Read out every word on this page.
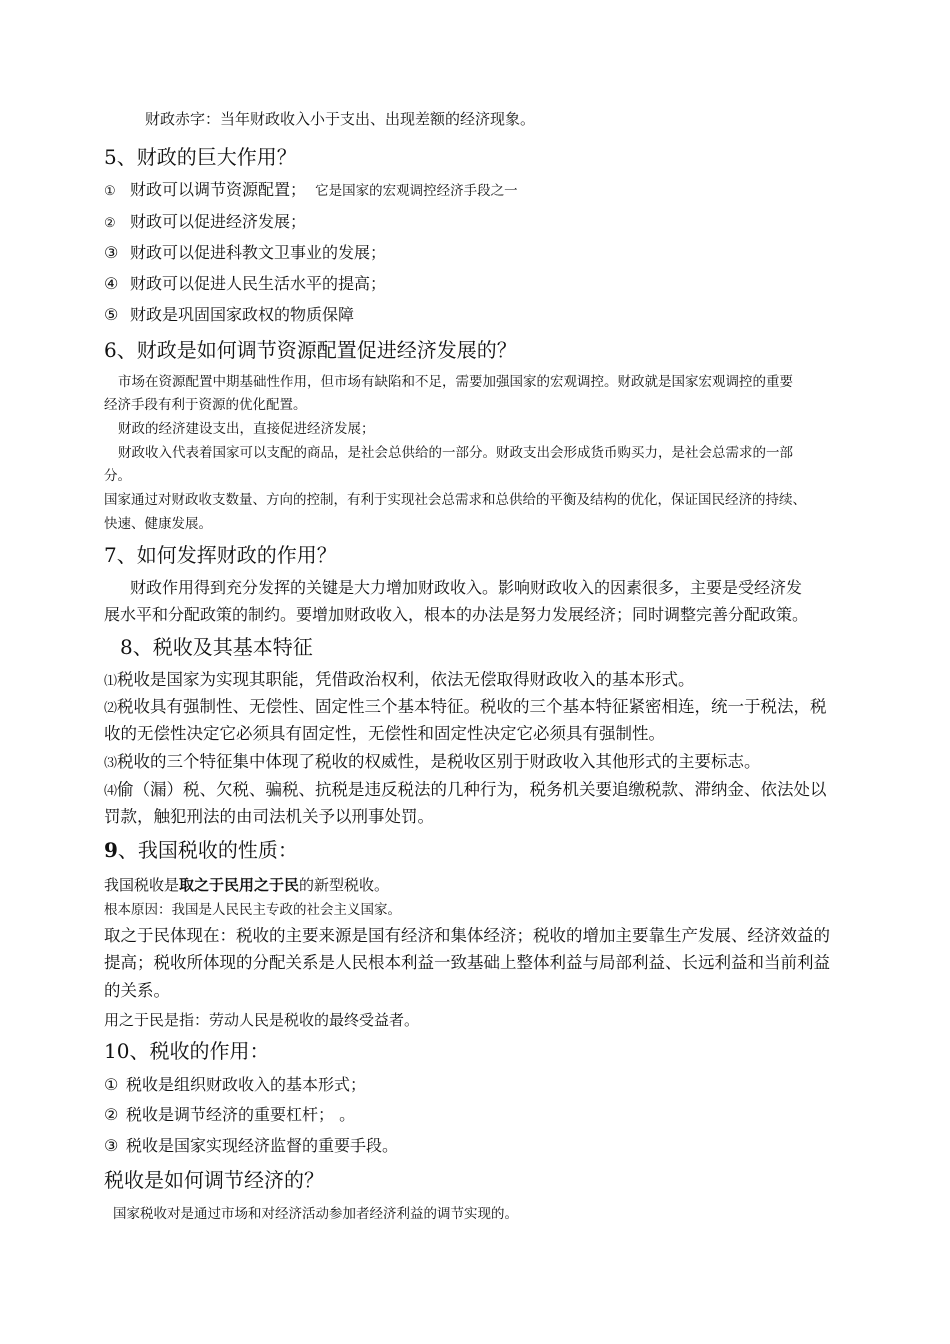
财政赤字：当年财政收入小于支出、出现差额的经济现象。

5、财政的巨大作用？

① 财政可以调节资源配置； 它是国家的宏观调控经济手段之一

② 财政可以促进经济发展；

③ 财政可以促进科教文卫事业的发展；

④ 财政可以促进人民生活水平的提高；

⑤ 财政是巩固国家政权的物质保障

6、财政是如何调节资源配置促进经济发展的？

市场在资源配置中期基础性作用，但市场有缺陷和不足，需要加强国家的宏观调控。财政就是国家宏观调控的重要

经济手段有利于资源的优化配置。

财政的经济建设支出，直接促进经济发展；

财政收入代表着国家可以支配的商品，是社会总供给的一部分。财政支出会形成货币购买力，是社会总需求的一部

分。

国家通过对财政收支数量、方向的控制，有利于实现社会总需求和总供给的平衡及结构的优化，保证国民经济的持续、

快速、健康发展。

7、如何发挥财政的作用？

财政作用得到充分发挥的关键是大力增加财政收入。影响财政收入的因素很多，主要是受经济发

展水平和分配政策的制约。要增加财政收入，根本的办法是努力发展经济；同时调整完善分配政策。

8、税收及其基本特征

⑴税收是国家为实现其职能，凭借政治权利，依法无偿取得财政收入的基本形式。

⑵税收具有强制性、无偿性、固定性三个基本特征。税收的三个基本特征紧密相连，统一于税法，税

收的无偿性决定它必须具有固定性，无偿性和固定性决定它必须具有强制性。

⑶税收的三个特征集中体现了税收的权威性，是税收区别于财政收入其他形式的主要标志。

⑷偷（漏）税、欠税、骗税、抗税是违反税法的几种行为，税务机关要追缴税款、滞纳金、依法处以

罚款，触犯刑法的由司法机关予以刑事处罚。

9、我国税收的性质：

我国税收是取之于民用之于民的新型税收。

根本原因：我国是人民民主专政的社会主义国家。

取之于民体现在：税收的主要来源是国有经济和集体经济；税收的增加主要靠生产发展、经济效益的

提高；税收所体现的分配关系是人民根本利益一致基础上整体利益与局部利益、长远利益和当前利益

的关系。

用之于民是指：劳动人民是税收的最终受益者。

10、税收的作用：

① 税收是组织财政收入的基本形式；

② 税收是调节经济的重要杠杆； 。

③ 税收是国家实现经济监督的重要手段。

税收是如何调节经济的？

国家税收对是通过市场和对经济活动参加者经济利益的调节实现的。
